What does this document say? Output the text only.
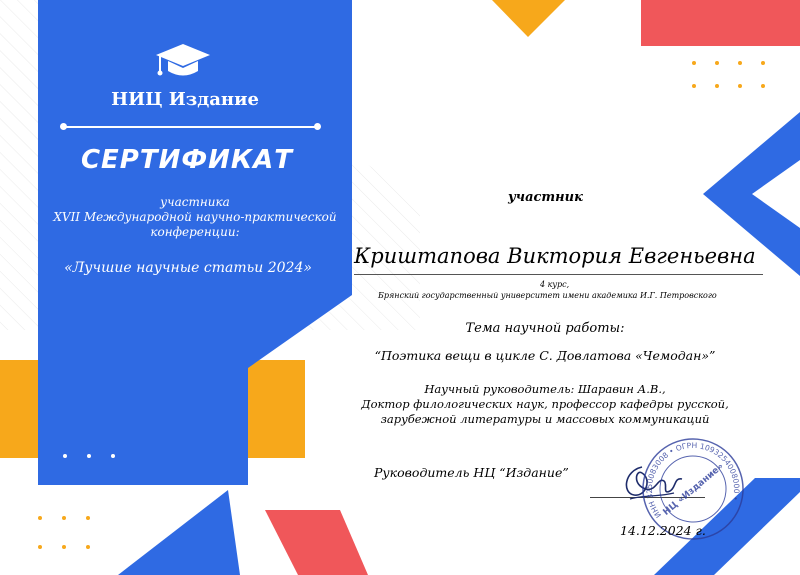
НИЦ Издание
СЕРТИФИКАТ
участника
XVII Международной научно-практической
конференции:
«Лучшие научные статьи 2024»
участник
Криштапова Виктория Евгеньевна
4 курс,
Брянский государственный университет имени академика И.Г. Петровского
Тема научной работы:
“Поэтика вещи в цикле С. Довлатова «Чемодан»”
Научный руководитель: Шаравин А.В.,
Доктор филологических наук, профессор кафедры русской,
зарубежной литературы и массовых коммуникаций
Руководитель НЦ “Издание”
ИНН 3250083008 • ОГРН 1093254008000 •
НЦ «Издание»
14.12.2024 г.
